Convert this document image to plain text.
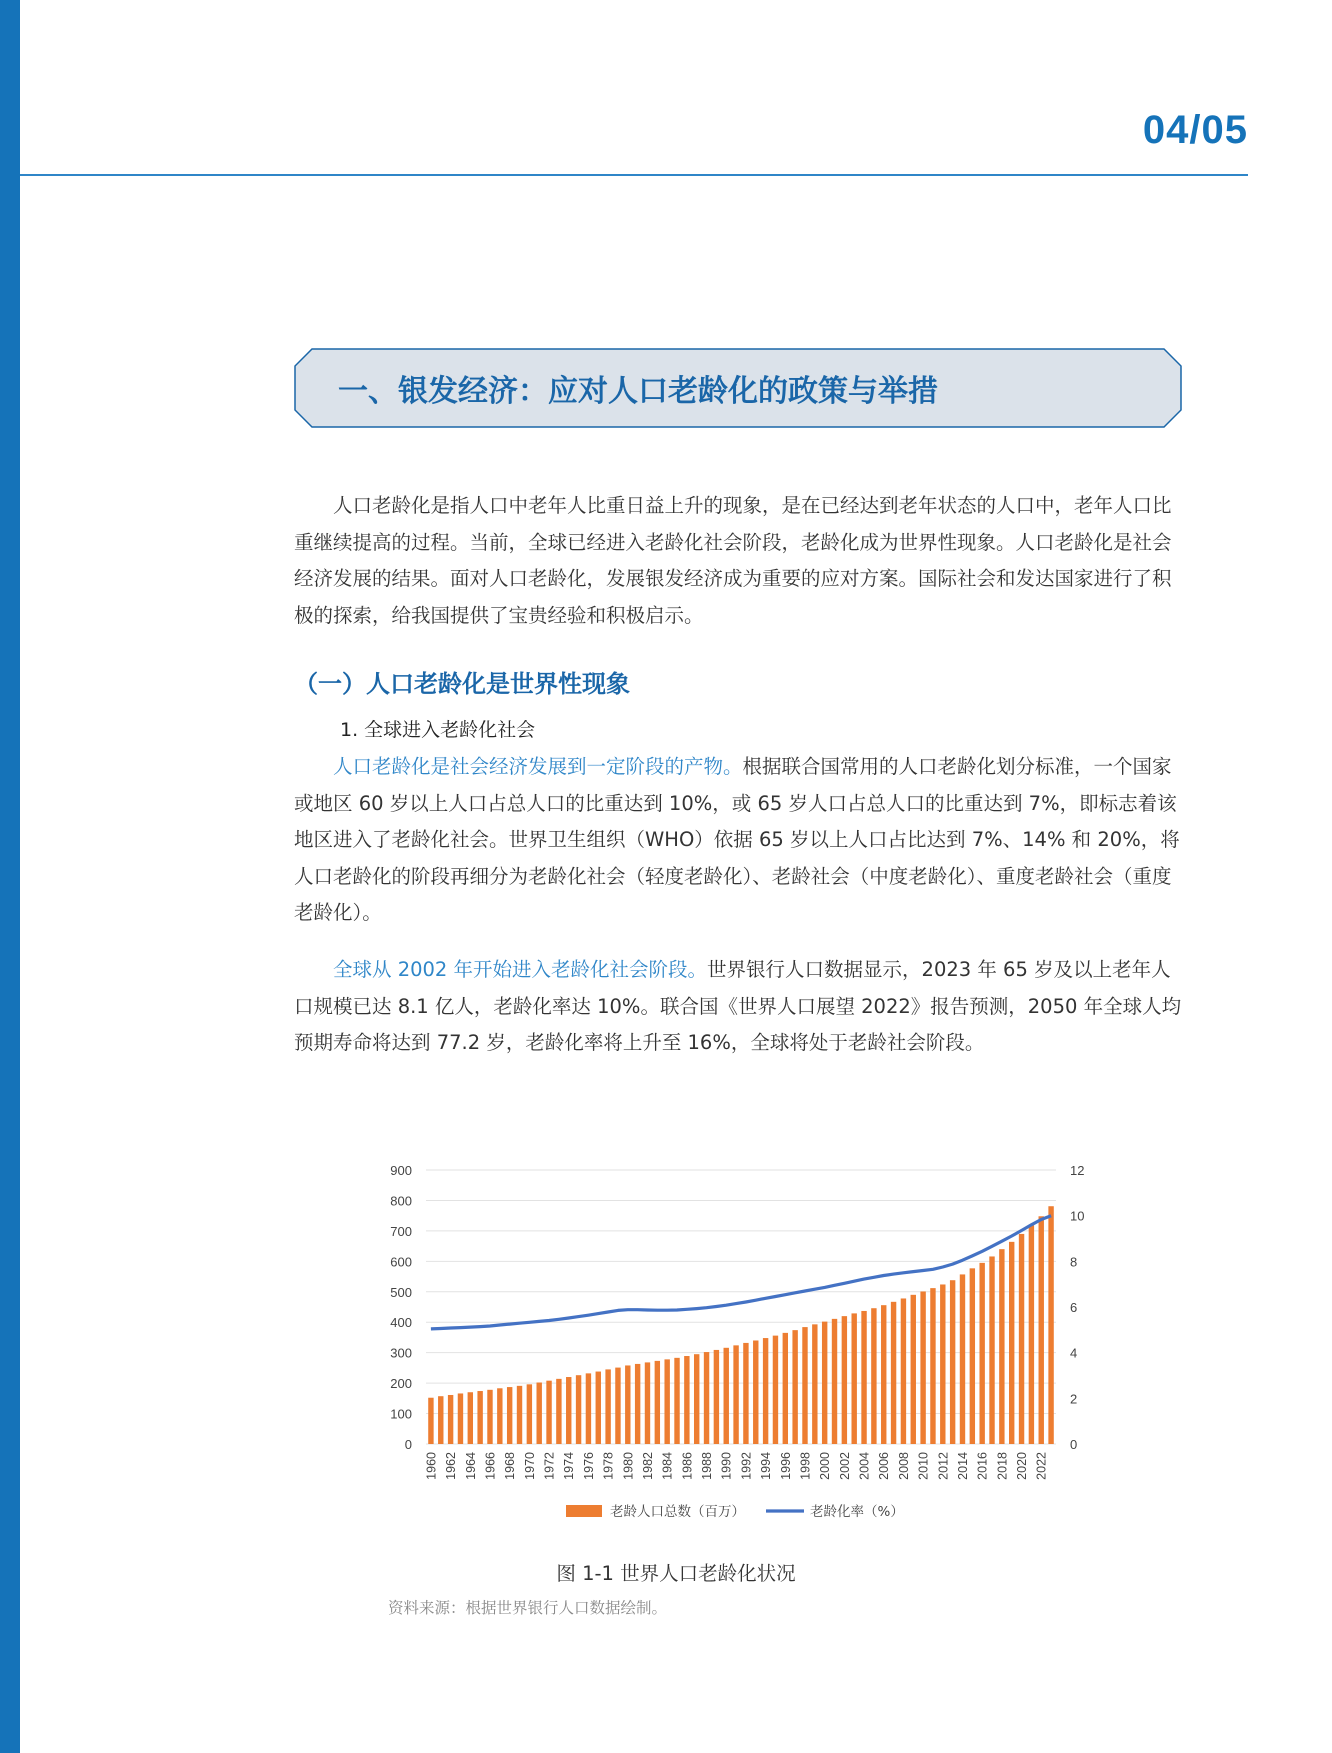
04/05
一、银发经济：应对人口老龄化的政策与举措
人口老龄化是指人口中老年人比重日益上升的现象，是在已经达到老年状态的人口中，老年人口比重继续提高的过程。当前，全球已经进入老龄化社会阶段，老龄化成为世界性现象。人口老龄化是社会经济发展的结果。面对人口老龄化，发展银发经济成为重要的应对方案。国际社会和发达国家进行了积极的探索，给我国提供了宝贵经验和积极启示。
（一）人口老龄化是世界性现象
1. 全球进入老龄化社会
人口老龄化是社会经济发展到一定阶段的产物。根据联合国常用的人口老龄化划分标准，一个国家或地区 60 岁以上人口占总人口的比重达到 10%，或 65 岁人口占总人口的比重达到 7%，即标志着该地区进入了老龄化社会。世界卫生组织（WHO）依据 65 岁以上人口占比达到 7%、14% 和 20%，将人口老龄化的阶段再细分为老龄化社会（轻度老龄化）、老龄社会（中度老龄化）、重度老龄社会（重度老龄化）。
全球从 2002 年开始进入老龄化社会阶段。世界银行人口数据显示，2023 年 65 岁及以上老年人口规模已达 8.1 亿人，老龄化率达 10%。联合国《世界人口展望 2022》报告预测，2050 年全球人均预期寿命将达到 77.2 岁，老龄化率将上升至 16%，全球将处于老龄社会阶段。
0
100
200
300
400
500
600
700
800
900
0
2
4
6
8
10
12
1960 1962 1964 1966 1968 1970 1972 1974 1976 1978 1980 1982 1984 1986 1988 1990 1992 1994 1996 1998 2000 2002 2004 2006 2008 2010 2012 2014 2016 2018 2020 2022
老龄人口总数（百万）	老龄化率（%）
图 1-1 世界人口老龄化状况
资料来源：根据世界银行人口数据绘制。
